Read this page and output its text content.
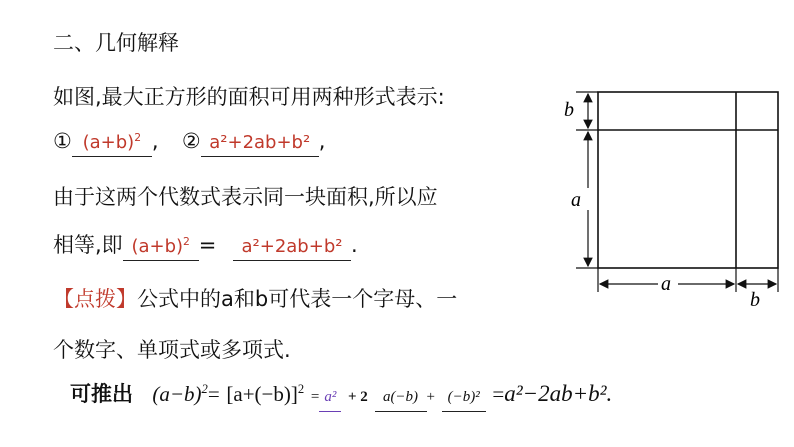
二、几何解释
如图,最大正方形的面积可用两种形式表示:
① $(a+b)^2$ , ② a²+2ab+b² ,
由于这两个代数式表示同一块面积,所以应
相等,即 $(a+b)^2 = a^2+2ab+b^2$ .
【点拨】公式中的a和b可代表一个字母、一
个数字、单项式或多项式.
可推出 $(a-b)^2= [a+(-b)]^2 = a^2 + 2$ a(−b) + (−b)² =a²−2ab+b².
b
a
a
b
